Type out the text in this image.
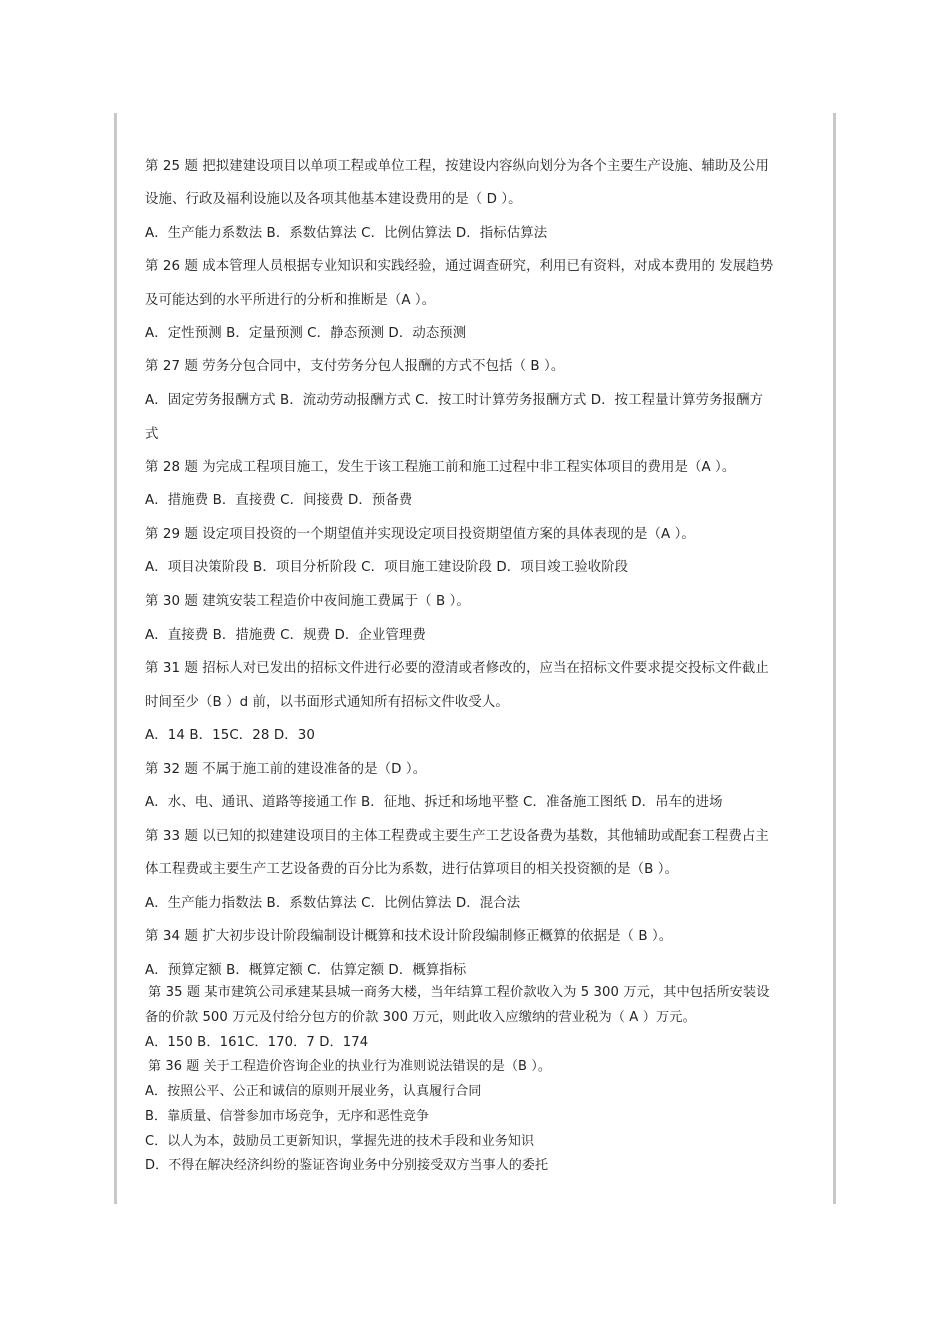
第 25 题 把拟建建设项目以单项工程或单位工程，按建设内容纵向划分为各个主要生产设施、辅助及公用
设施、行政及福利设施以及各项其他基本建设费用的是（ D ）。
A．生产能力系数法 B．系数估算法 C．比例估算法 D．指标估算法
第 26 题 成本管理人员根据专业知识和实践经验，通过调查研究，利用已有资料，对成本费用的 发展趋势
及可能达到的水平所进行的分析和推断是（A ）。
A．定性预测 B．定量预测 C．静态预测 D．动态预测
第 27 题 劳务分包合同中，支付劳务分包人报酬的方式不包括（ B ）。
A．固定劳务报酬方式 B．流动劳动报酬方式 C．按工时计算劳务报酬方式 D．按工程量计算劳务报酬方
式
第 28 题 为完成工程项目施工，发生于该工程施工前和施工过程中非工程实体项目的费用是（A ）。
A．措施费 B．直接费 C．间接费 D．预备费
第 29 题 设定项目投资的一个期望值并实现设定项目投资期望值方案的具体表现的是（A ）。
A．项目决策阶段 B．项目分析阶段 C．项目施工建设阶段 D．项目竣工验收阶段
第 30 题 建筑安装工程造价中夜间施工费属于（ B ）。
A．直接费 B．措施费 C．规费 D．企业管理费
第 31 题 招标人对已发出的招标文件进行必要的澄清或者修改的，应当在招标文件要求提交投标文件截止
时间至少（B ）d 前，以书面形式通知所有招标文件收受人。
A．14 B．15C．28 D．30
第 32 题 不属于施工前的建设准备的是（D ）。
A．水、电、通讯、道路等接通工作 B．征地、拆迁和场地平整 C．准备施工图纸 D．吊车的进场
第 33 题 以已知的拟建建设项目的主体工程费或主要生产工艺设备费为基数，其他辅助或配套工程费占主
体工程费或主要生产工艺设备费的百分比为系数，进行估算项目的相关投资额的是（B ）。
A．生产能力指数法 B．系数估算法 C．比例估算法 D．混合法
第 34 题 扩大初步设计阶段编制设计概算和技术设计阶段编制修正概算的依据是（ B ）。
A．预算定额 B．概算定额 C．估算定额 D．概算指标
第 35 题 某市建筑公司承建某县城一商务大楼，当年结算工程价款收入为 5 300 万元，其中包括所安装设
备的价款 500 万元及付给分包方的价款 300 万元，则此收入应缴纳的营业税为（ A ）万元。
A．150 B．161C．170．7 D．174
第 36 题 关于工程造价咨询企业的执业行为准则说法错误的是（B ）。
A．按照公平、公正和诚信的原则开展业务，认真履行合同
B．靠质量、信誉参加市场竞争，无序和恶性竞争
C．以人为本，鼓励员工更新知识，掌握先进的技术手段和业务知识
D．不得在解决经济纠纷的鉴证咨询业务中分别接受双方当事人的委托
